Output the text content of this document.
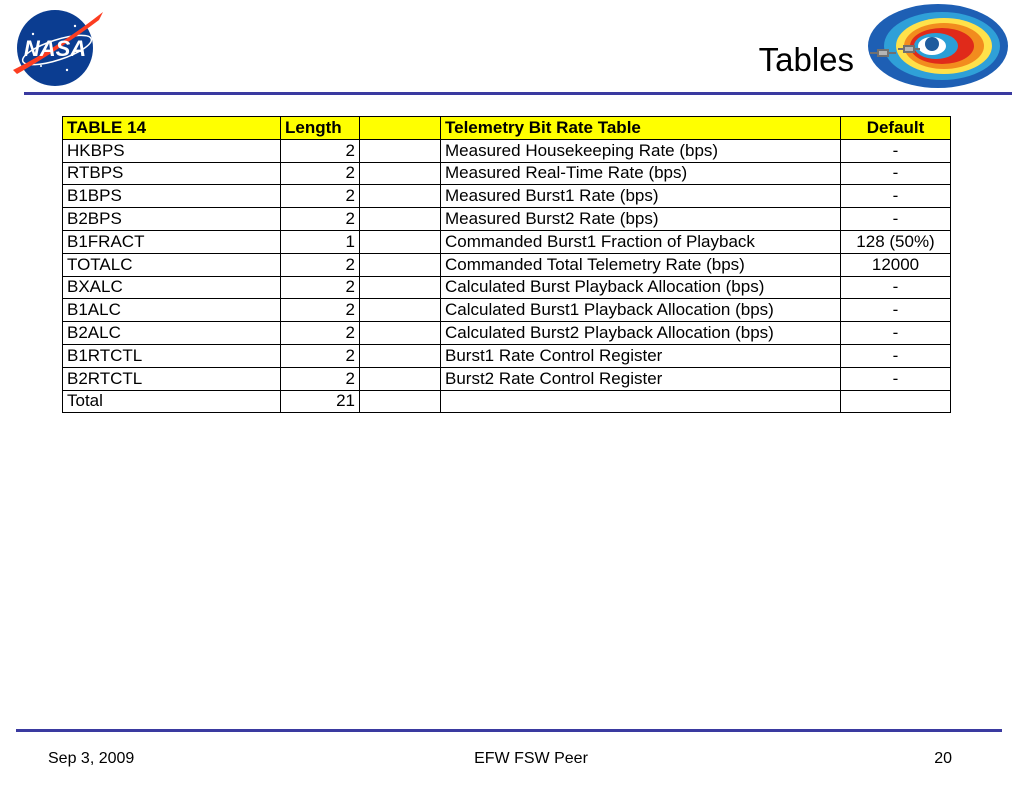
NASA	Tables
TABLE 14	Length		Telemetry Bit Rate Table	Default
HKBPS	2		Measured Housekeeping Rate (bps)	-
RTBPS	2		Measured Real-Time Rate (bps)	-
B1BPS	2		Measured Burst1 Rate (bps)	-
B2BPS	2		Measured Burst2 Rate (bps)	-
B1FRACT	1		Commanded Burst1 Fraction of Playback	128 (50%)
TOTALC	2		Commanded Total Telemetry Rate (bps)	12000
BXALC	2		Calculated Burst Playback Allocation (bps)	-
B1ALC	2		Calculated Burst1 Playback Allocation (bps)	-
B2ALC	2		Calculated Burst2 Playback Allocation (bps)	-
B1RTCTL	2		Burst1 Rate Control Register	-
B2RTCTL	2		Burst2 Rate Control Register	-
Total	21			
Sep 3, 2009	EFW FSW Peer	20
